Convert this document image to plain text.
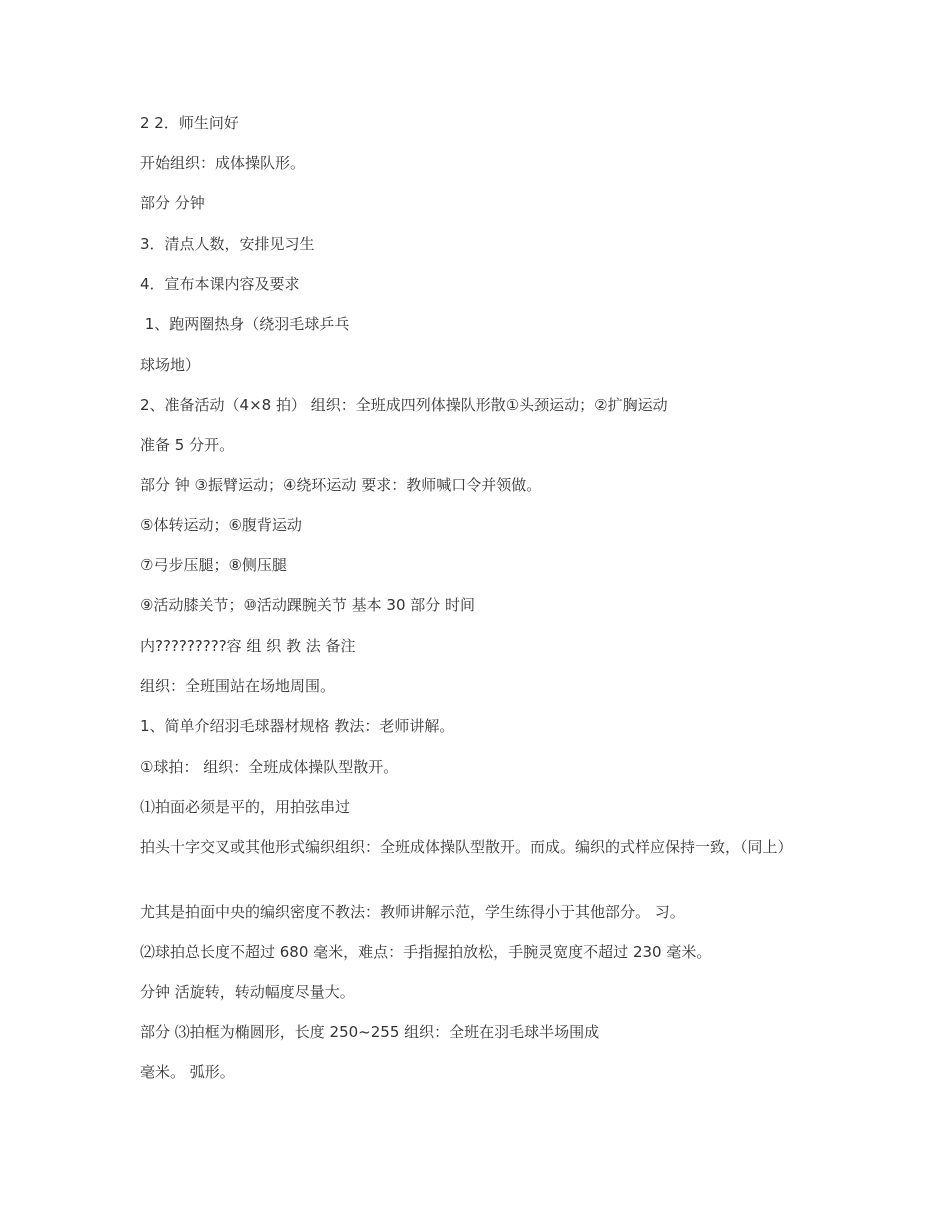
2 2．师生问好
开始组织：成体操队形。
部分 分钟
3．清点人数，安排见习生
4．宣布本课内容及要求
1、跑两圈热身（绕羽毛球乒乓
球场地）
2、准备活动（4×8 拍） 组织：全班成四列体操队形散①头颈运动；②扩胸运动
准备 5 分开。
部分 钟 ③振臂运动；④绕环运动 要求：教师喊口令并领做。
⑤体转运动；⑥腹背运动
⑦弓步压腿；⑧侧压腿
⑨活动膝关节；⑩活动踝腕关节 基本 30 部分 时间
内?????????容 组 织 教 法 备注
组织：全班围站在场地周围。
1、简单介绍羽毛球器材规格 教法：老师讲解。
①球拍： 组织：全班成体操队型散开。
⑴拍面必须是平的，用拍弦串过
拍头十字交叉或其他形式编织组织：全班成体操队型散开。而成。编织的式样应保持一致，（同上）
尤其是拍面中央的编织密度不教法：教师讲解示范，学生练得小于其他部分。 习。
⑵球拍总长度不超过 680 毫米，难点：手指握拍放松，手腕灵宽度不超过 230 毫米。
分钟 活旋转，转动幅度尽量大。
部分 ⑶拍框为椭圆形，长度 250~255 组织：全班在羽毛球半场围成
毫米。 弧形。
